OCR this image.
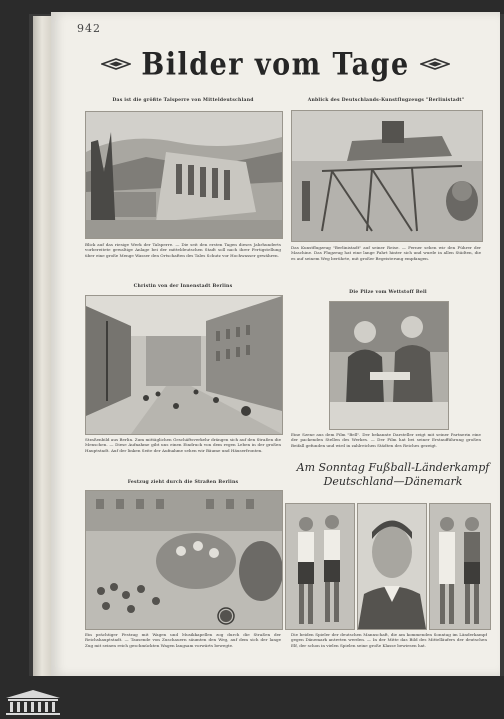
942
Bilder vom Tage
Das ist die größte Talsperre von Mitteldeutschland
Blick auf das riesige Werk der Talsperre. — Die seit den ersten Tagen dieses Jahrhunderts vorbereitete gewaltige Anlage bei der mitteldeutschen Stadt soll nach ihrer Fertigstellung über eine große Menge Wasser den Ortschaften des Tales Schutz vor Hochwasser gewähren.
Anblick des Deutschlands-Kunstflugzeugs "Berlinistadt"
Das Kunstflugzeug "Berlinistadt" auf seiner Reise. — Ferner sehen wir den Führer der Maschine. Das Flugzeug hat eine lange Fahrt hinter sich und wurde in allen Städten, die es auf seinem Weg berührte, mit großer Begeisterung empfangen.
Christin von der Innenstadt Berlins
Straßenbild aus Berlin. Zum mittäglichen Geschäftsverkehr drängen sich auf den Straßen die Menschen. — Diese Aufnahme gibt uns einen Eindruck von dem regen Leben in der großen Hauptstadt. Auf der linken Seite der Aufnahme sehen wir Bäume und Häuserfronten.
Die Pilze vom Wettstoff Bell
Eine Szene aus dem Film "Bell". Der bekannte Darsteller zeigt mit seiner Partnerin eine der packenden Stellen des Werkes. — Der Film hat bei seiner Erstaufführung großen Beifall gefunden und wird in zahlreichen Städten des Reiches gezeigt.
Festzug zieht durch die Straßen Berlins
Ein prächtiger Festzug mit Wagen und Musikkapellen zog durch die Straßen der Reichshauptstadt. — Tausende von Zuschauern säumten den Weg, auf dem sich der lange Zug mit seinen reich geschmückten Wagen langsam vorwärts bewegte.
Am Sonntag Fußball-Länderkampf
Deutschland—Dänemark
Die beiden Spieler der deutschen Mannschaft, die am kommenden Sonntag im Länderkampf gegen Dänemark antreten werden. — In der Mitte das Bild des Mittelläufers der deutschen Elf, der schon in vielen Spielen seine große Klasse bewiesen hat.
